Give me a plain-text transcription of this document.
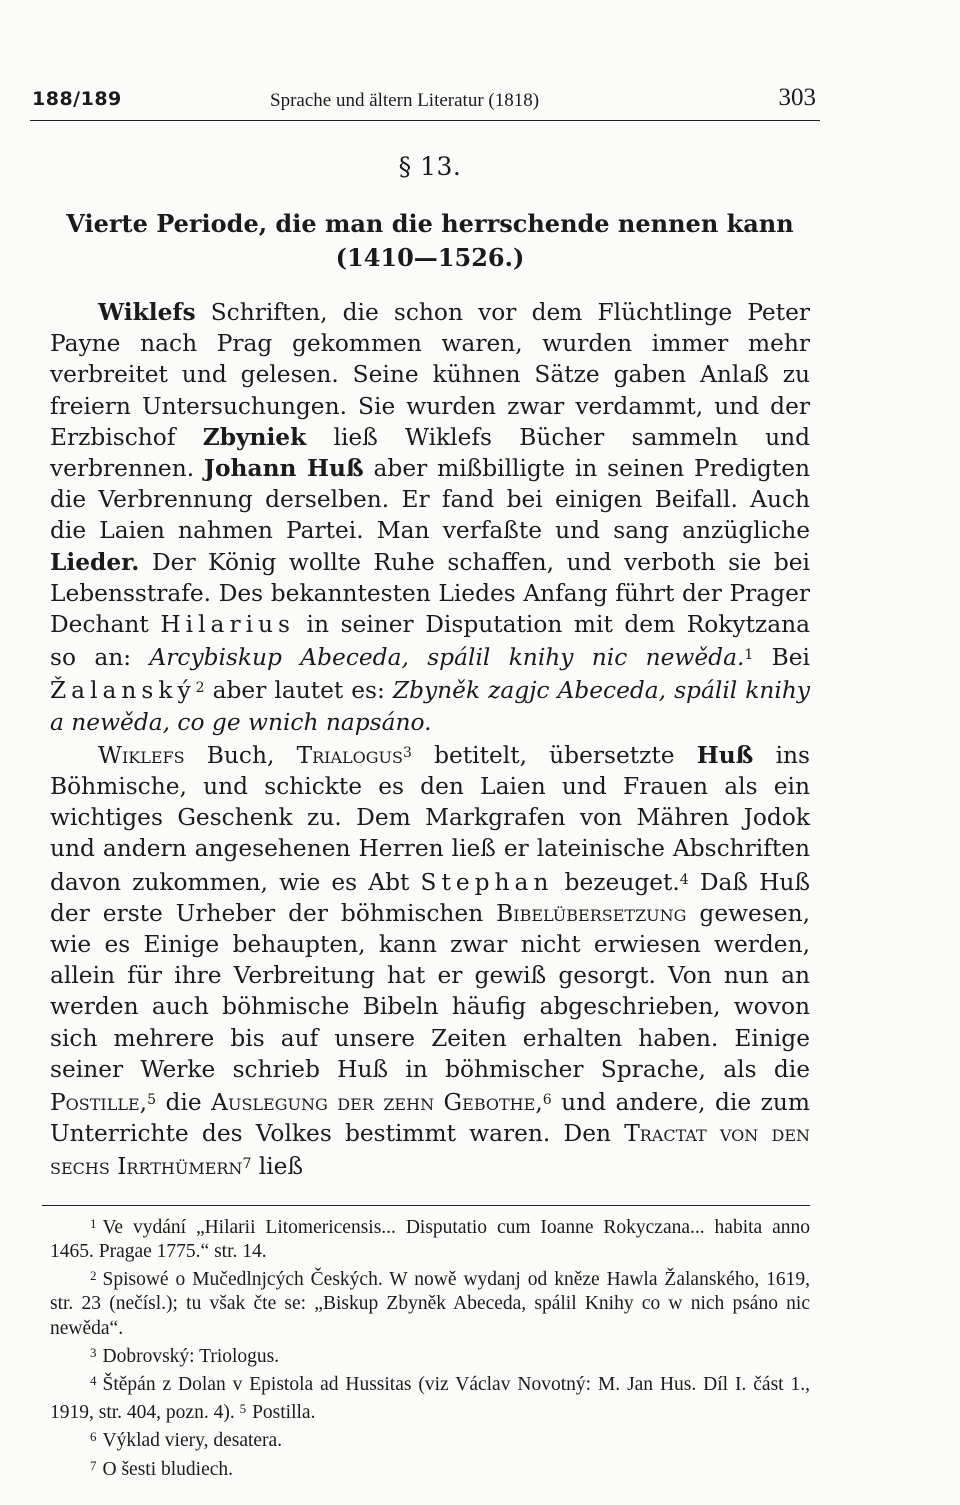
188/189	Sprache und ältern Literatur (1818)	303
§ 13.
Vierte Periode, die man die herrschende nennen kann
(1410—1526.)

Wiklefs Schriften, die schon vor dem Flüchtlinge Peter Payne nach Prag gekommen waren, wurden immer mehr verbreitet und gelesen. Seine kühnen Sätze gaben Anlaß zu freiern Untersuchungen. Sie wurden zwar verdammt, und der Erzbischof Zbyniek ließ Wiklefs Bücher sammeln und verbrennen. Johann Huß aber mißbilligte in seinen Predigten die Verbrennung derselben. Er fand bei einigen Beifall. Auch die Laien nahmen Partei. Man verfaßte und sang anzügliche Lieder. Der König wollte Ruhe schaffen, und verboth sie bei Lebensstrafe. Des bekanntesten Liedes Anfang führt der Prager Dechant Hilarius in seiner Disputation mit dem Rokytzana so an: Arcybiskup Abeceda, spálil knihy nic newěda.$^1$ Bei Žalanský$^2$ aber lautet es: Zbyněk zagjc Abeceda, spálil knihy a newěda, co ge wnich napsáno.

Wiklefs Buch, Trialogus$^3$ betitelt, übersetzte Huß ins Böhmische, und schickte es den Laien und Frauen als ein wichtiges Geschenk zu. Dem Markgrafen von Mähren Jodok und andern angesehenen Herren ließ er lateinische Abschriften davon zukommen, wie es Abt Stephan bezeuget.$^4$ Daß Huß der erste Urheber der böhmischen Bibelübersetzung gewesen, wie es Einige behaupten, kann zwar nicht erwiesen werden, allein für ihre Verbreitung hat er gewiß gesorgt. Von nun an werden auch böhmische Bibeln häufig abgeschrieben, wovon sich mehrere bis auf unsere Zeiten erhalten haben. Einige seiner Werke schrieb Huß in böhmischer Sprache, als die Postille,$^5$ die Auslegung der zehn Gebothe,$^6$ und andere, die zum Unterrichte des Volkes bestimmt waren. Den Tractat von den sechs Irrthümern$^7$ ließ

$^1$ Ve vydání „Hilarii Litomericensis... Disputatio cum Ioanne Rokyczana... habita anno 1465. Pragae 1775.“ str. 14.
$^2$ Spisowé o Mučedlnjcých Českých. W nowě wydanj od kněze Hawla Žalanského, 1619, str. 23 (nečísl.); tu však čte se: „Biskup Zbyněk Abeceda, spálil Knihy co w nich psáno nic newěda“.
$^3$ Dobrovský: Triologus.
$^4$ Štěpán z Dolan v Epistola ad Hussitas (viz Václav Novotný: M. Jan Hus. Díl I. část 1., 1919, str. 404, pozn. 4). $^5$ Postilla.
$^6$ Výklad viery, desatera.
$^7$ O šesti bludiech.
